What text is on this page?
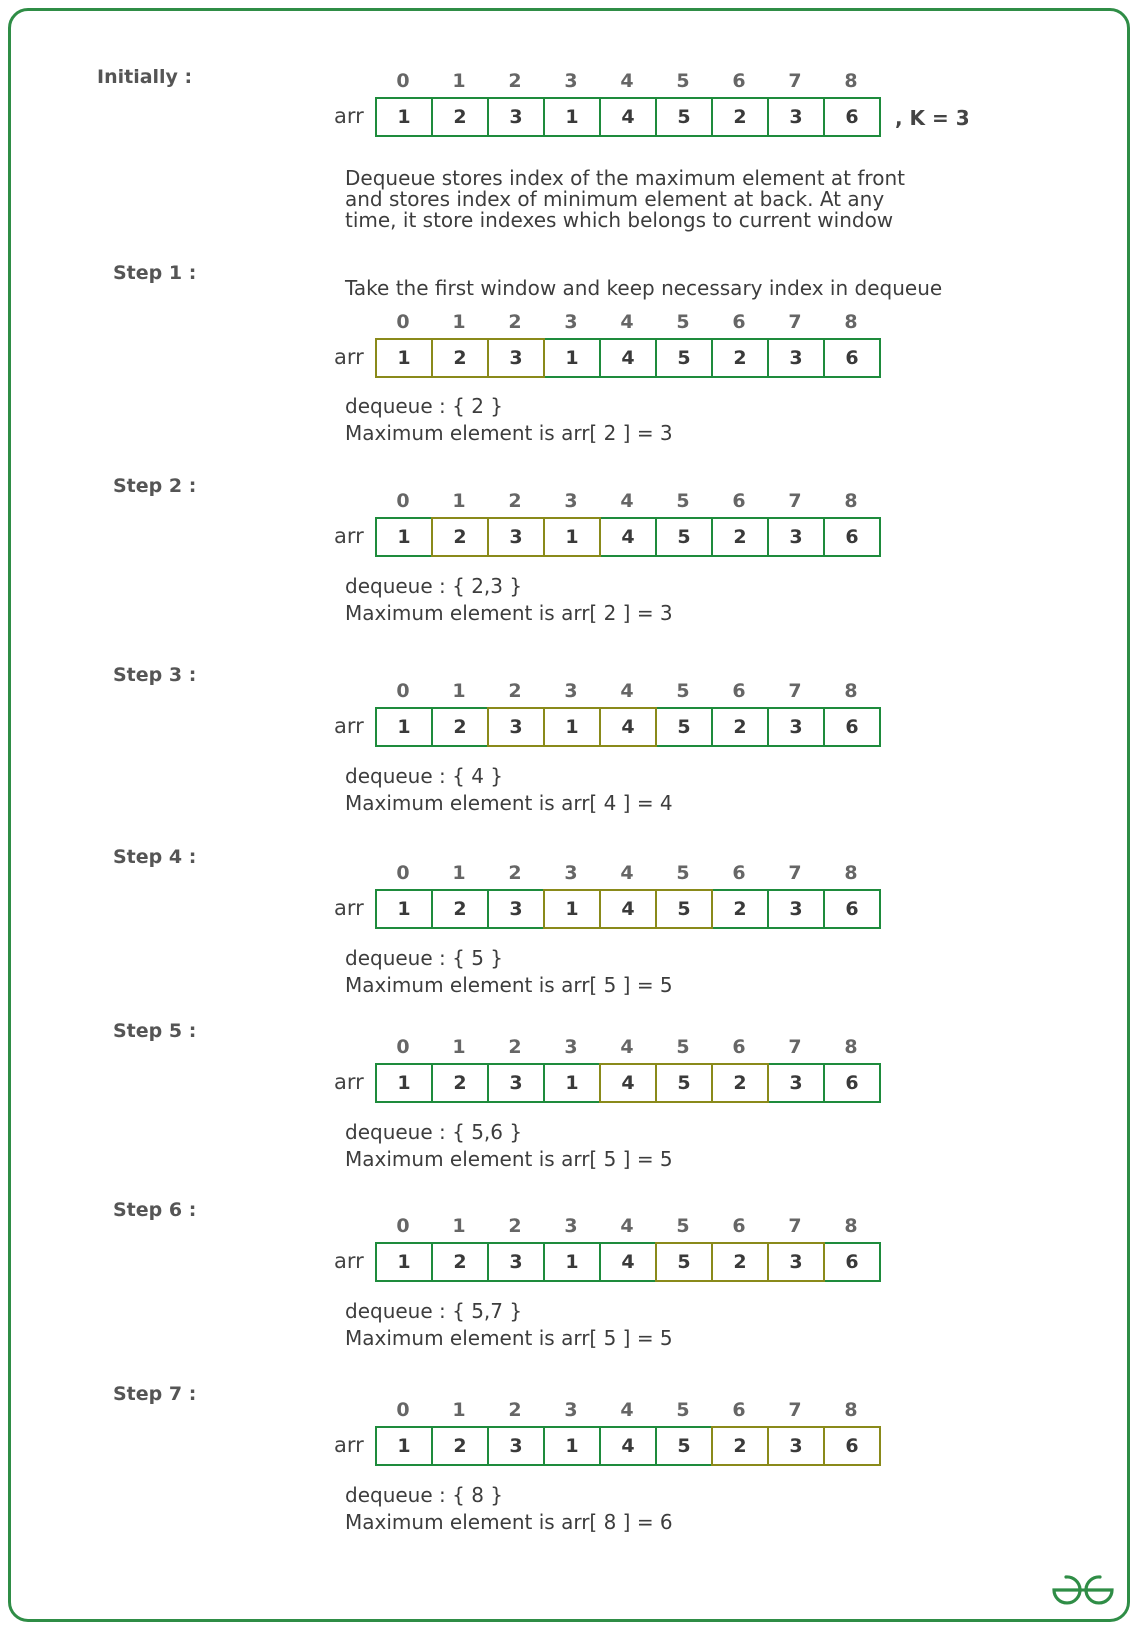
Initially :
arr
0	1	2	3	4	5	6	7	8
1	2	3	1	4	5	2	3	6	, K = 3
Dequeue stores index of the maximum element at front
and stores index of minimum element at back. At any
time, it store indexes which belongs to current window
Step 1 :
Take the first window and keep necessary index in dequeue
arr
0	1	2	3	4	5	6	7	8
1	2	3	1	4	5	2	3	6
dequeue : { 2 }
Maximum element is arr[ 2 ] = 3
Step 2 :
arr
0	1	2	3	4	5	6	7	8
1	2	3	1	4	5	2	3	6
dequeue : { 2,3 }
Maximum element is arr[ 2 ] = 3
Step 3 :
arr
0	1	2	3	4	5	6	7	8
1	2	3	1	4	5	2	3	6
dequeue : { 4 }
Maximum element is arr[ 4 ] = 4
Step 4 :
arr
0	1	2	3	4	5	6	7	8
1	2	3	1	4	5	2	3	6
dequeue : { 5 }
Maximum element is arr[ 5 ] = 5
Step 5 :
arr
0	1	2	3	4	5	6	7	8
1	2	3	1	4	5	2	3	6
dequeue : { 5,6 }
Maximum element is arr[ 5 ] = 5
Step 6 :
arr
0	1	2	3	4	5	6	7	8
1	2	3	1	4	5	2	3	6
dequeue : { 5,7 }
Maximum element is arr[ 5 ] = 5
Step 7 :
arr
0	1	2	3	4	5	6	7	8
1	2	3	1	4	5	2	3	6
dequeue : { 8 }
Maximum element is arr[ 8 ] = 6
